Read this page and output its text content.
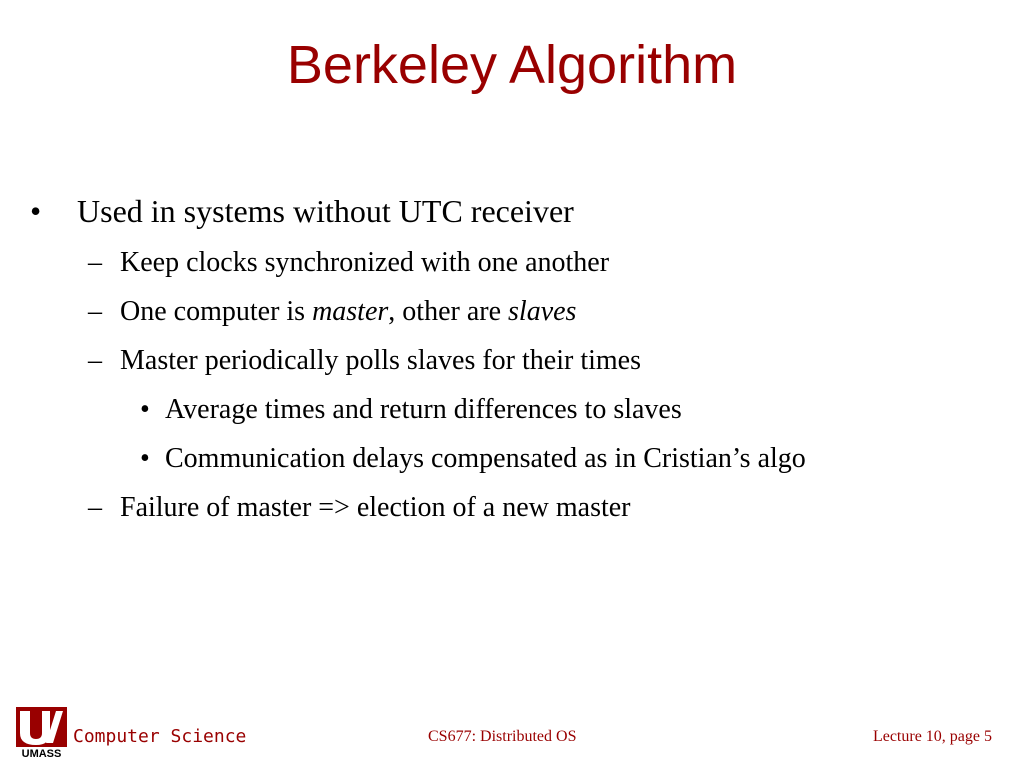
Berkeley Algorithm
• Used in systems without UTC receiver
– Keep clocks synchronized with one another
– One computer is master, other are slaves
– Master periodically polls slaves for their times
• Average times and return differences to slaves
• Communication delays compensated as in Cristian’s algo
– Failure of master => election of a new master
UMASS
Computer Science	CS677: Distributed OS	Lecture 10, page 5
